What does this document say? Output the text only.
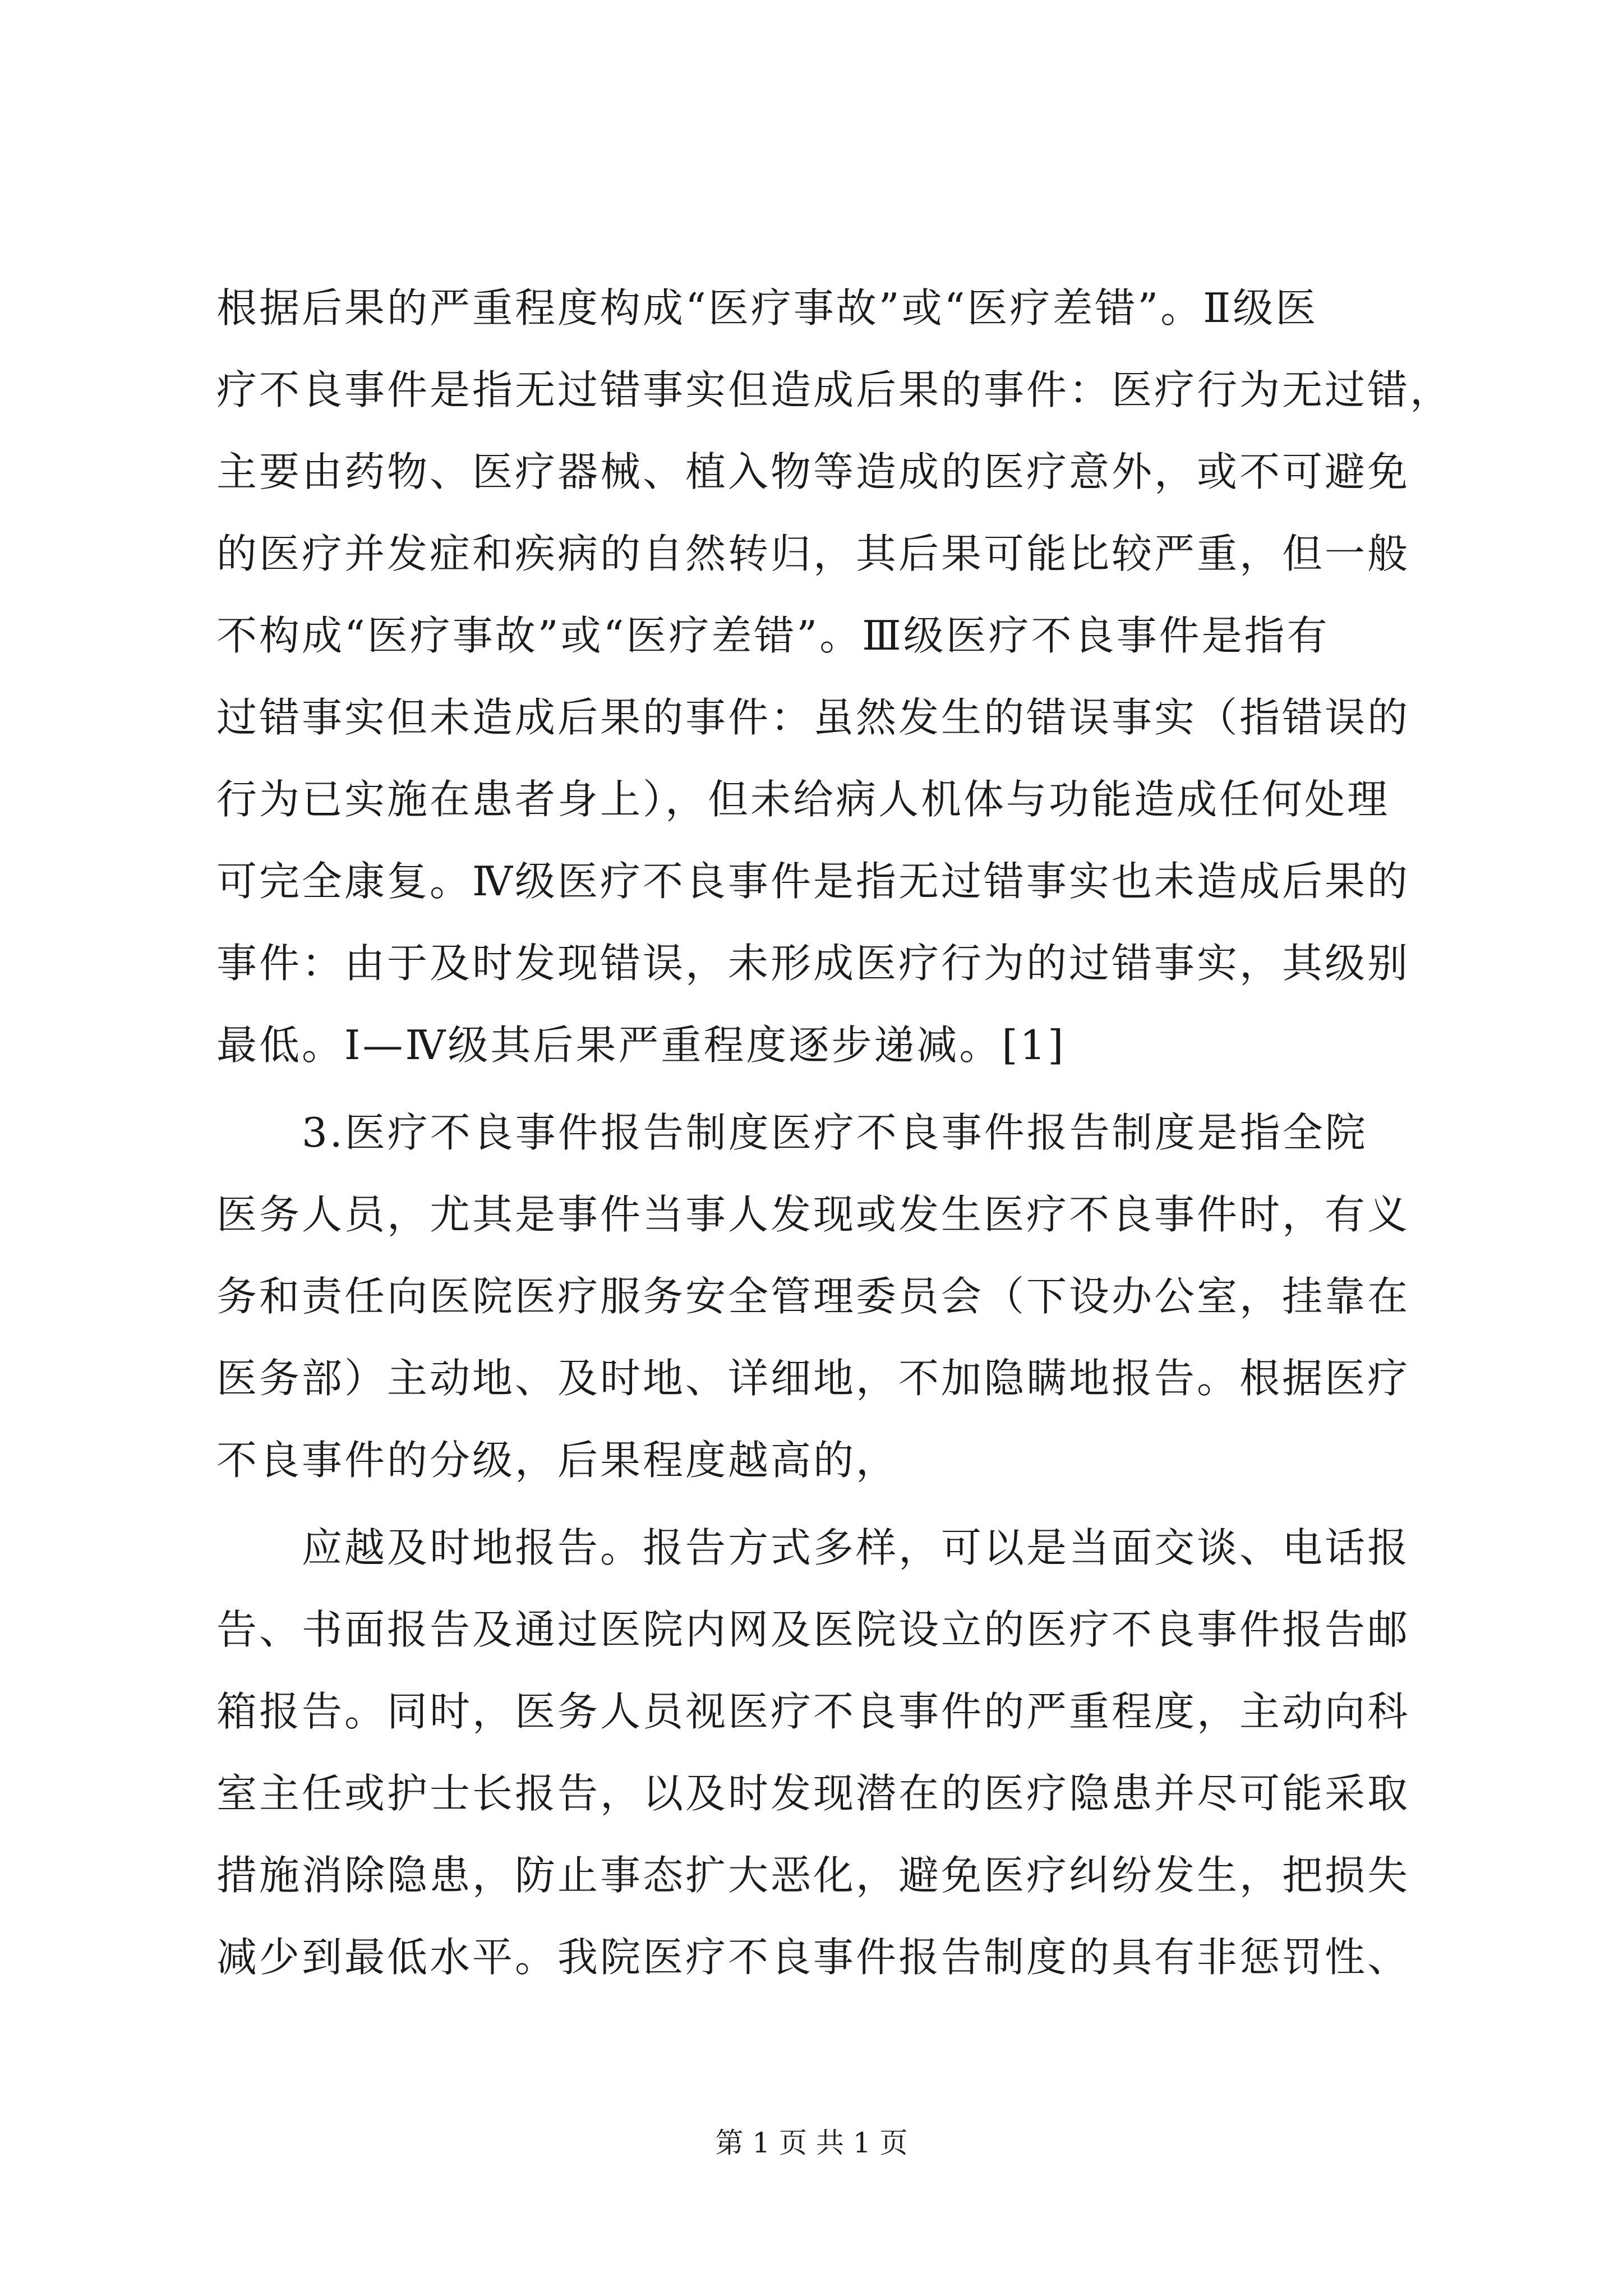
根据后果的严重程度构成“医疗事故”或“医疗差错”。Ⅱ级医
疗不良事件是指无过错事实但造成后果的事件：医疗行为无过错，
主要由药物、医疗器械、植入物等造成的医疗意外，或不可避免
的医疗并发症和疾病的自然转归，其后果可能比较严重，但一般
不构成“医疗事故”或“医疗差错”。Ⅲ级医疗不良事件是指有
过错事实但未造成后果的事件：虽然发生的错误事实（指错误的
行为已实施在患者身上），但未给病人机体与功能造成任何处理
可完全康复。Ⅳ级医疗不良事件是指无过错事实也未造成后果的
事件：由于及时发现错误，未形成医疗行为的过错事实，其级别
最低。Ⅰ—Ⅳ级其后果严重程度逐步递减。[1]
　　3.医疗不良事件报告制度医疗不良事件报告制度是指全院
医务人员，尤其是事件当事人发现或发生医疗不良事件时，有义
务和责任向医院医疗服务安全管理委员会（下设办公室，挂靠在
医务部）主动地、及时地、详细地，不加隐瞒地报告。根据医疗
不良事件的分级，后果程度越高的，
　　应越及时地报告。报告方式多样，可以是当面交谈、电话报
告、书面报告及通过医院内网及医院设立的医疗不良事件报告邮
箱报告。同时，医务人员视医疗不良事件的严重程度，主动向科
室主任或护士长报告，以及时发现潜在的医疗隐患并尽可能采取
措施消除隐患，防止事态扩大恶化，避免医疗纠纷发生，把损失
减少到最低水平。我院医疗不良事件报告制度的具有非惩罚性、
第 1 页 共 1 页
